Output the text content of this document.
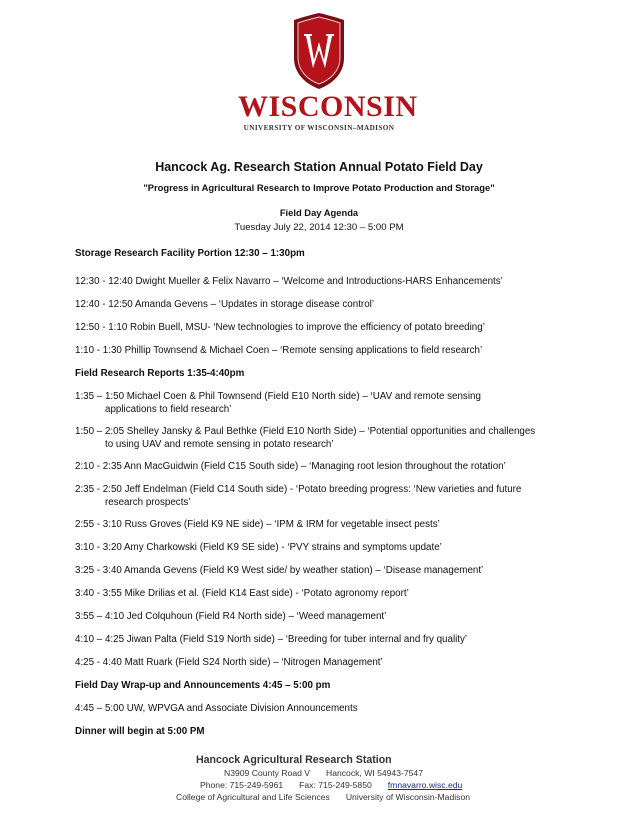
WISCONSIN
UNIVERSITY OF WISCONSIN–MADISON
Hancock Ag. Research Station Annual Potato Field Day
"Progress in Agricultural Research to Improve Potato Production and Storage"
Field Day Agenda
Tuesday July 22, 2014 12:30 – 5:00 PM
Storage Research Facility Portion 12:30 – 1:30pm
12:30 - 12:40 Dwight Mueller & Felix Navarro – ‘Welcome and Introductions-HARS Enhancements’
12:40 - 12:50 Amanda Gevens – ‘Updates in storage disease control’
12:50 - 1:10 Robin Buell, MSU- ‘New technologies to improve the efficiency of potato breeding’
1:10 - 1:30 Phillip Townsend & Michael Coen – ‘Remote sensing applications to field research’
Field Research Reports 1:35-4:40pm
1:35 – 1:50 Michael Coen & Phil Townsend (Field E10 North side) – ‘UAV and remote sensing
applications to field research’
1:50 – 2:05 Shelley Jansky & Paul Bethke (Field E10 North Side) – ‘Potential opportunities and challenges
to using UAV and remote sensing in potato research’
2:10 - 2:35 Ann MacGuidwin (Field C15 South side) – ‘Managing root lesion throughout the rotation’
2:35 - 2:50 Jeff Endelman (Field C14 South side) - ‘Potato breeding progress: ‘New varieties and future
research prospects’
2:55 - 3:10 Russ Groves (Field K9 NE side) – ‘IPM & IRM for vegetable insect pests’
3:10 - 3:20 Amy Charkowski (Field K9 SE side) - ‘PVY strains and symptoms update’
3:25 - 3:40 Amanda Gevens (Field K9 West side/ by weather station) – ‘Disease management’
3:40 - 3:55 Mike Drilias et al. (Field K14 East side) - ‘Potato agronomy report’
3:55 – 4:10 Jed Colquhoun (Field R4 North side) – ‘Weed management’
4:10 – 4:25 Jiwan Palta (Field S19 North side) – ‘Breeding for tuber internal and fry quality’
4:25 - 4:40 Matt Ruark (Field S24 North side) – ‘Nitrogen Management’
Field Day Wrap-up and Announcements 4:45 – 5:00 pm
4:45 – 5:00 UW, WPVGA and Associate Division Announcements
Dinner will begin at 5:00 PM
Hancock Agricultural Research Station
N3909 County Road V Hancock, WI 54943-7547
Phone: 715-249-5961 Fax: 715-249-5850 fmnavarro.wisc.edu
College of Agricultural and Life Sciences University of Wisconsin-Madison
